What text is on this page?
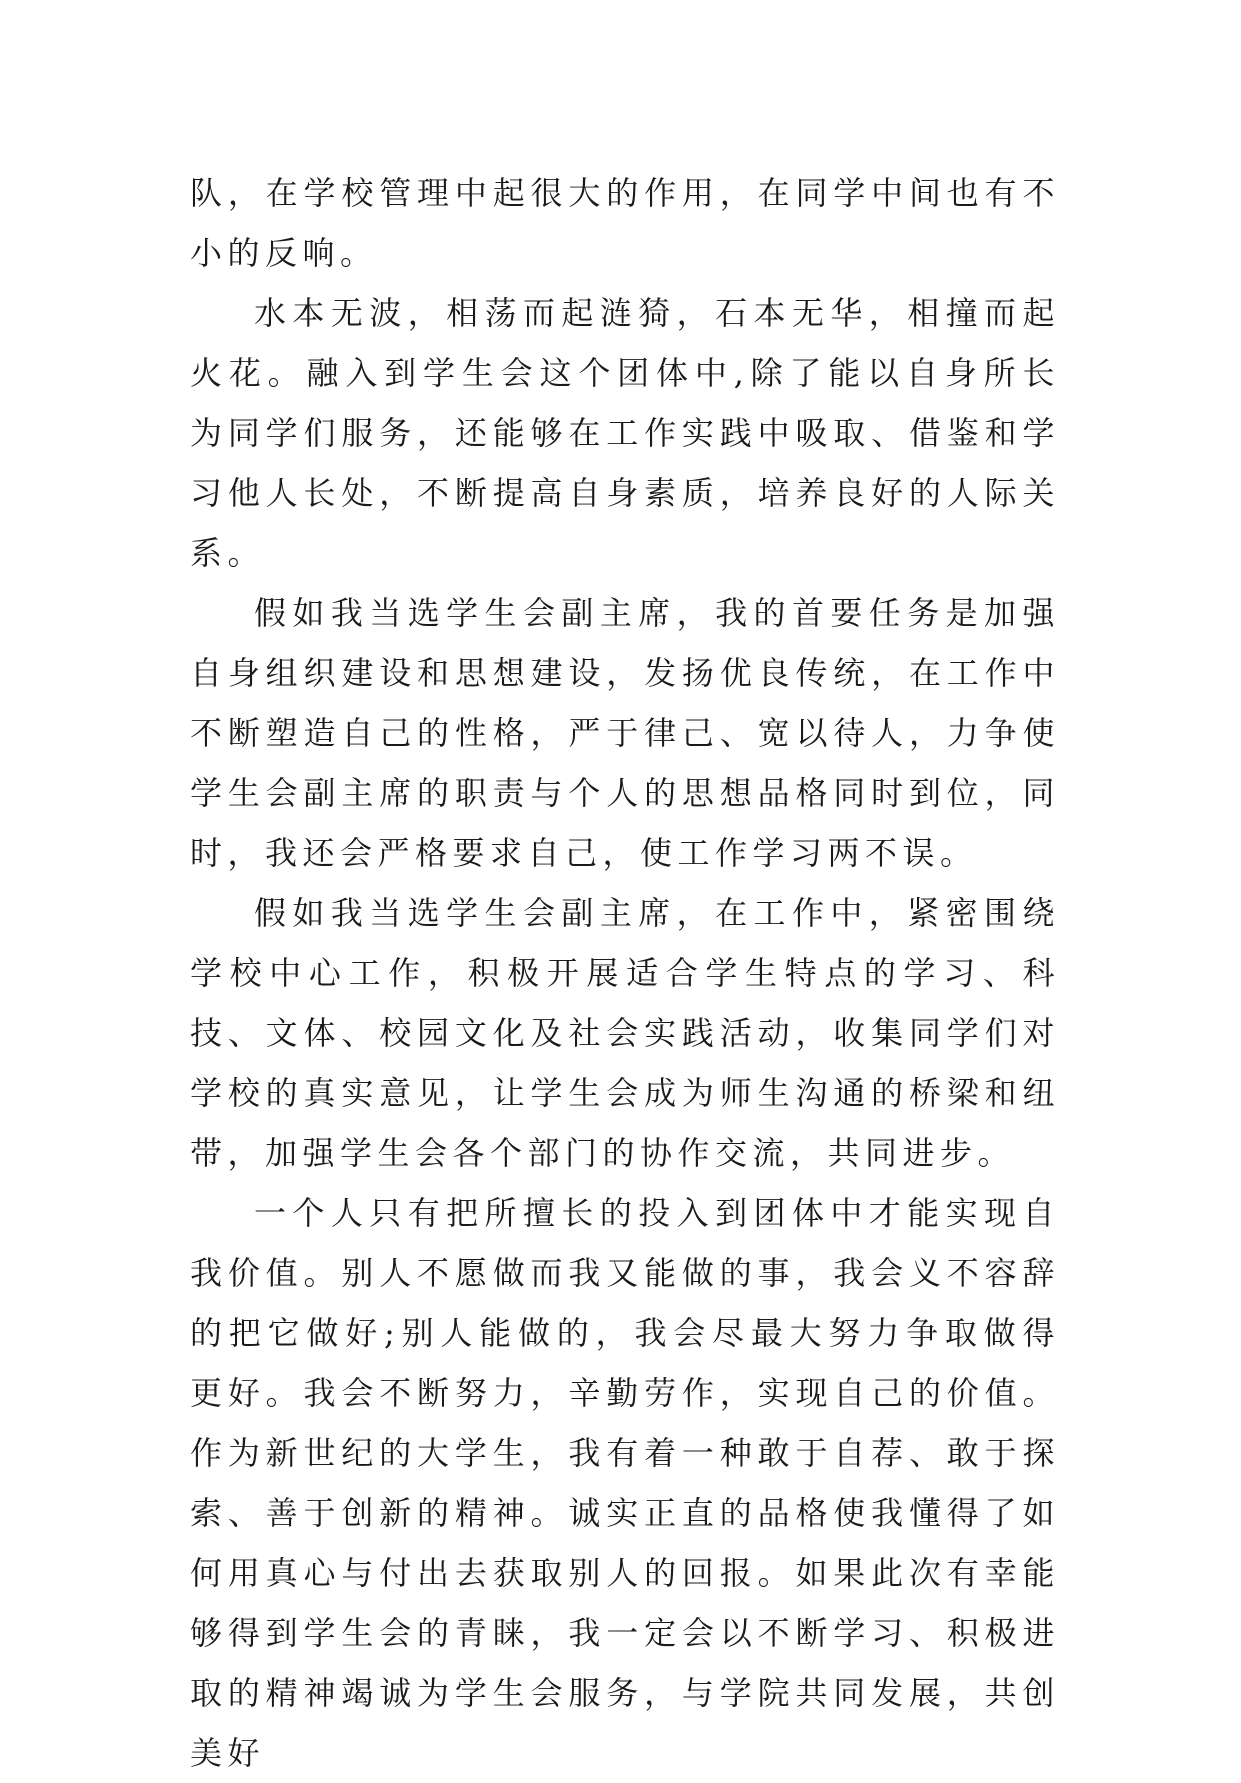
队，在学校管理中起很大的作用，在同学中间也有不小的反响。

水本无波，相荡而起涟猗，石本无华，相撞而起火花。融入到学生会这个团体中,除了能以自身所长为同学们服务，还能够在工作实践中吸取、借鉴和学习他人长处，不断提高自身素质，培养良好的人际关系。

假如我当选学生会副主席，我的首要任务是加强自身组织建设和思想建设，发扬优良传统，在工作中不断塑造自己的性格，严于律己、宽以待人，力争使学生会副主席的职责与个人的思想品格同时到位，同时，我还会严格要求自己，使工作学习两不误。

假如我当选学生会副主席，在工作中，紧密围绕学校中心工作，积极开展适合学生特点的学习、科技、文体、校园文化及社会实践活动，收集同学们对学校的真实意见，让学生会成为师生沟通的桥梁和纽带，加强学生会各个部门的协作交流，共同进步。

一个人只有把所擅长的投入到团体中才能实现自我价值。别人不愿做而我又能做的事，我会义不容辞的把它做好;别人能做的，我会尽最大努力争取做得更好。我会不断努力，辛勤劳作，实现自己的价值。作为新世纪的大学生，我有着一种敢于自荐、敢于探索、善于创新的精神。诚实正直的品格使我懂得了如何用真心与付出去获取别人的回报。如果此次有幸能够得到学生会的青睐，我一定会以不断学习、积极进取的精神竭诚为学生会服务，与学院共同发展，共创美好
